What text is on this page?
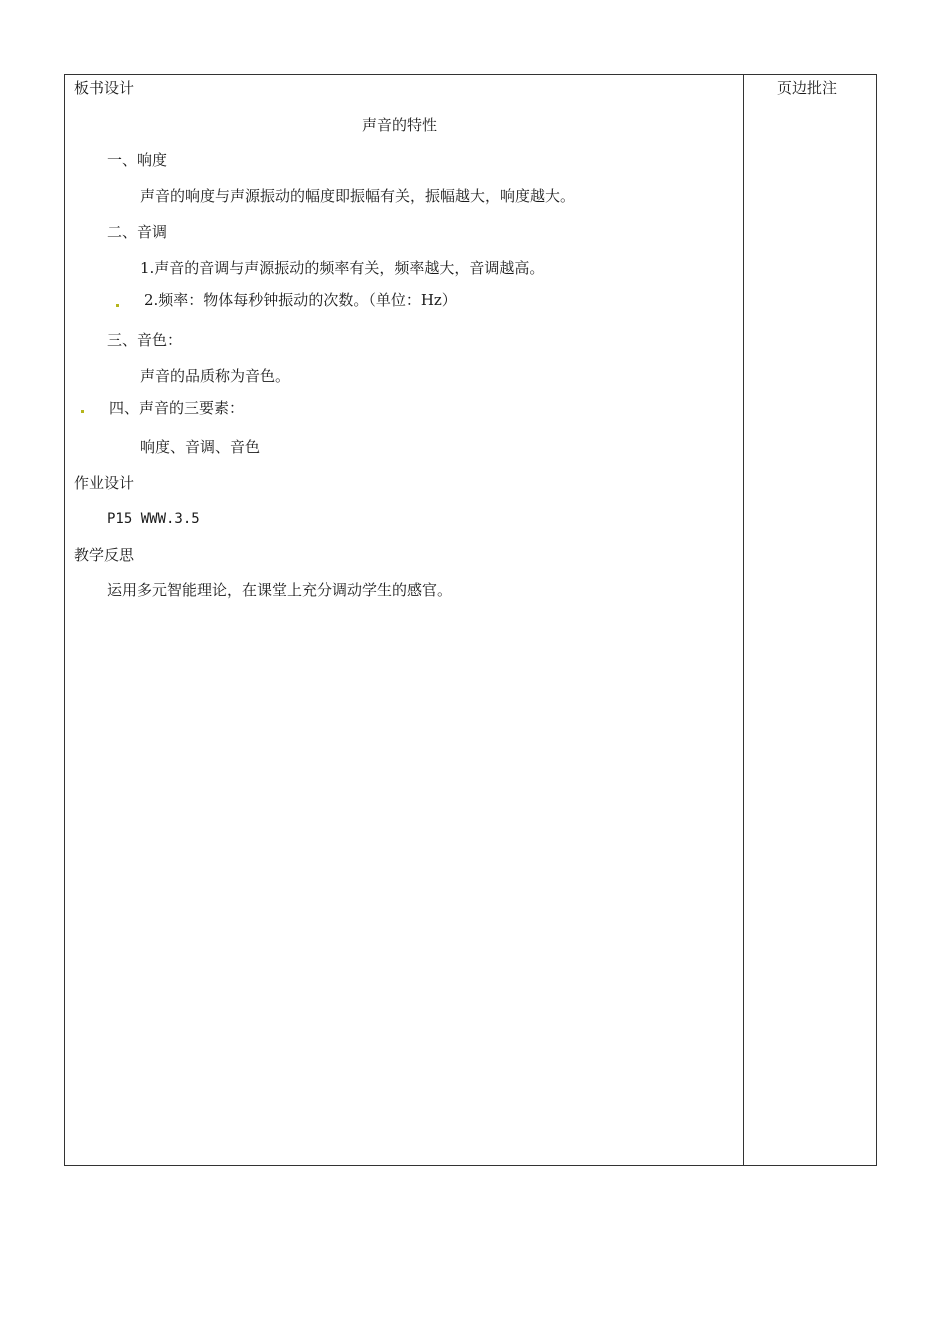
板书设计
声音的特性
一、响度
声音的响度与声源振动的幅度即振幅有关，振幅越大，响度越大。
二、音调
1.声音的音调与声源振动的频率有关，频率越大，音调越高。
2.频率：物体每秒钟振动的次数。（单位：Hz）
三、音色：
声音的品质称为音色。
四、声音的三要素：
响度、音调、音色
作业设计
P15 WWW.3.5
教学反思
运用多元智能理论，在课堂上充分调动学生的感官。
页边批注
